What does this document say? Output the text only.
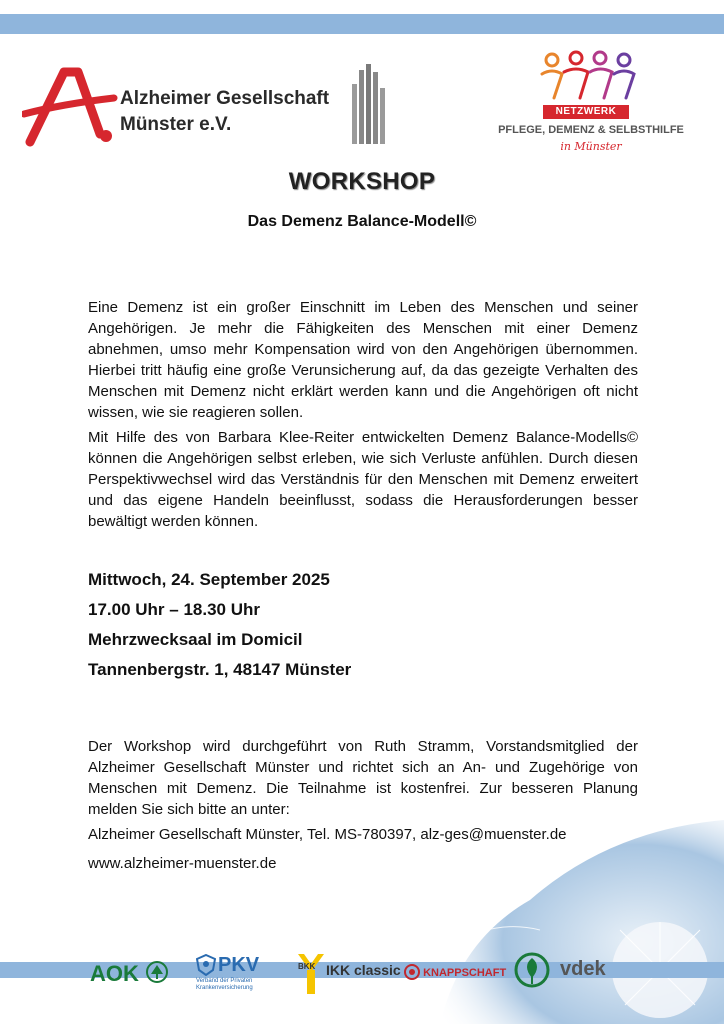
Alzheimer Gesellschaft
Münster e.V.
NETZWERK
PFLEGE, DEMENZ & SELBSTHILFE
in Münster
WORKSHOP
Das Demenz Balance-Modell©
Eine Demenz ist ein großer Einschnitt im Leben des Menschen und seiner Angehörigen. Je mehr die Fähigkeiten des Menschen mit einer Demenz abnehmen, umso mehr Kompensation wird von den Angehörigen übernommen. Hierbei tritt häufig eine große Verunsicherung auf, da das gezeigte Verhalten des Menschen mit Demenz nicht erklärt werden kann und die Angehörigen oft nicht wissen, wie sie reagieren sollen.
Mit Hilfe des von Barbara Klee-Reiter entwickelten Demenz Balance-Modells© können die Angehörigen selbst erleben, wie sich Verluste anfühlen. Durch diesen Perspektivwechsel wird das Verständnis für den Menschen mit Demenz erweitert und das eigene Handeln beeinflusst, sodass die Herausforderungen besser bewältigt werden können.
Mittwoch, 24. September 2025
17.00 Uhr – 18.30 Uhr
Mehrzwecksaal im Domicil
Tannenbergstr. 1, 48147 Münster
Der Workshop wird durchgeführt von Ruth Stramm, Vorstandsmitglied der Alzheimer Gesellschaft Münster und richtet sich an An- und Zugehörige von Menschen mit Demenz. Die Teilnahme ist kostenfrei. Zur besseren Planung melden Sie sich bitte an unter:
Alzheimer Gesellschaft Münster, Tel. MS-780397, alz-ges@muenster.de
www.alzheimer-muenster.de
AOK	PKV
Verband der Privaten Krankenversicherung
BKK IKK classic	KNAPPSCHAFT	vdek
